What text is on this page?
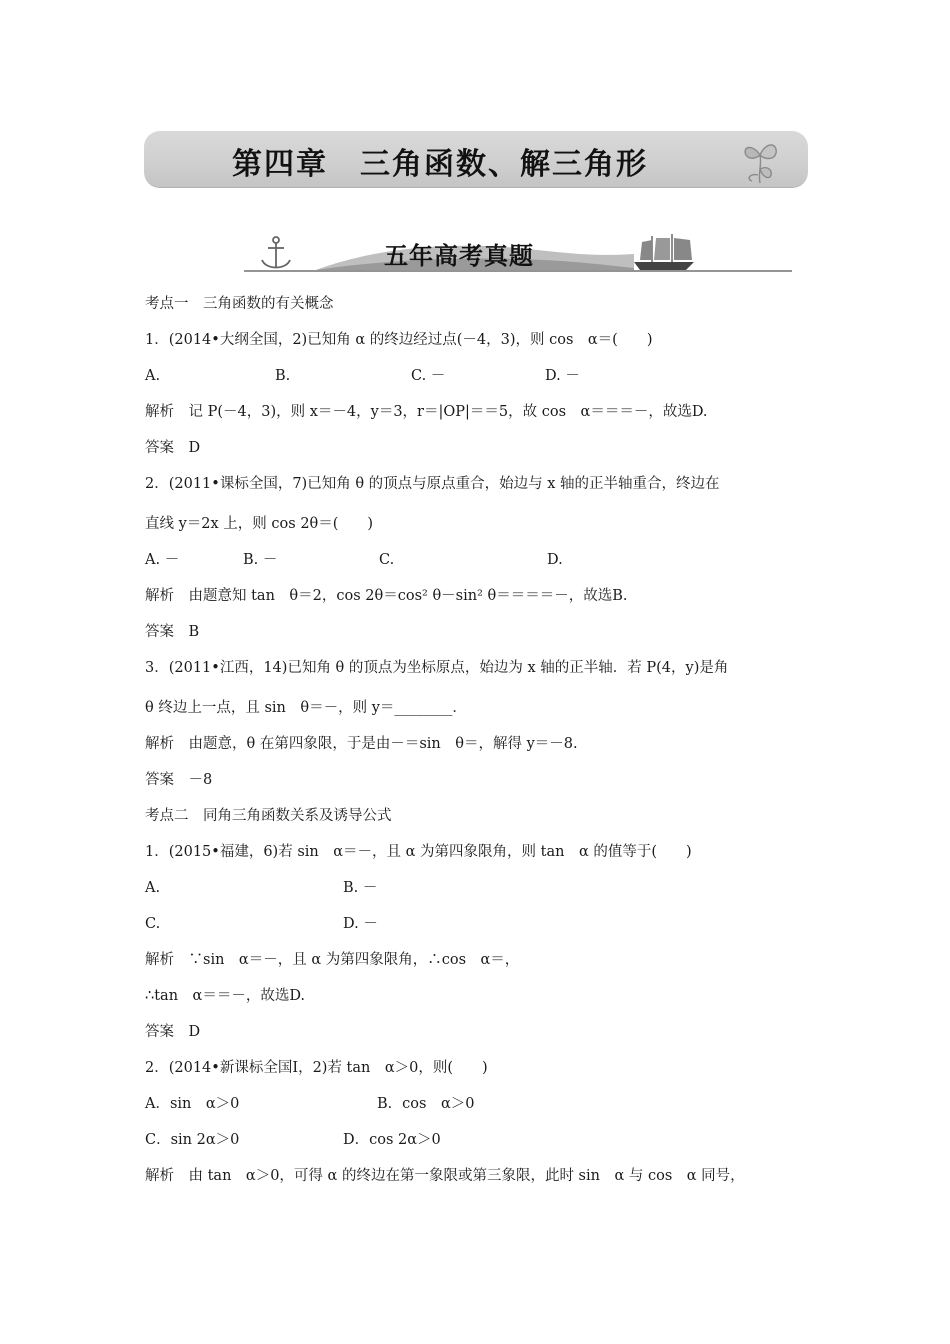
第四章　三角函数、解三角形
五年高考真题
考点一　三角函数的有关概念
1．(2014•大纲全国，2)已知角 α 的终边经过点(－4，3)，则 cos　α＝(　　)
A.	B.	C. －	D. －
解析　记 P(－4，3)，则 x＝－4，y＝3，r＝|OP|＝＝5，故 cos　α＝＝＝－，故选D.
答案　D
2．(2011•课标全国，7)已知角 θ 的顶点与原点重合，始边与 x 轴的正半轴重合，终边在
直线 y＝2x 上，则 cos 2θ＝(　　)
A. －	B. －	C.	D.
解析　由题意知 tan　θ＝2，cos 2θ＝cos² θ－sin² θ＝＝＝＝－，故选B.
答案　B
3．(2011•江西，14)已知角 θ 的顶点为坐标原点，始边为 x 轴的正半轴．若 P(4，y)是角
θ 终边上一点，且 sin　θ＝－，则 y＝________．
解析　由题意，θ 在第四象限，于是由－＝sin　θ＝，解得 y＝－8.
答案　－8
考点二　同角三角函数关系及诱导公式
1．(2015•福建，6)若 sin　α＝－，且 α 为第四象限角，则 tan　α 的值等于(　　)
A.	B. －
C.	D. －
解析　∵sin　α＝－，且 α 为第四象限角，∴cos　α＝，
∴tan　α＝＝－，故选D.
答案　D
2．(2014•新课标全国Ⅰ，2)若 tan　α＞0，则(　　)
A．sin　α＞0	B．cos　α＞0
C．sin 2α＞0	D．cos 2α＞0
解析　由 tan　α＞0，可得 α 的终边在第一象限或第三象限，此时 sin　α 与 cos　α 同号，
